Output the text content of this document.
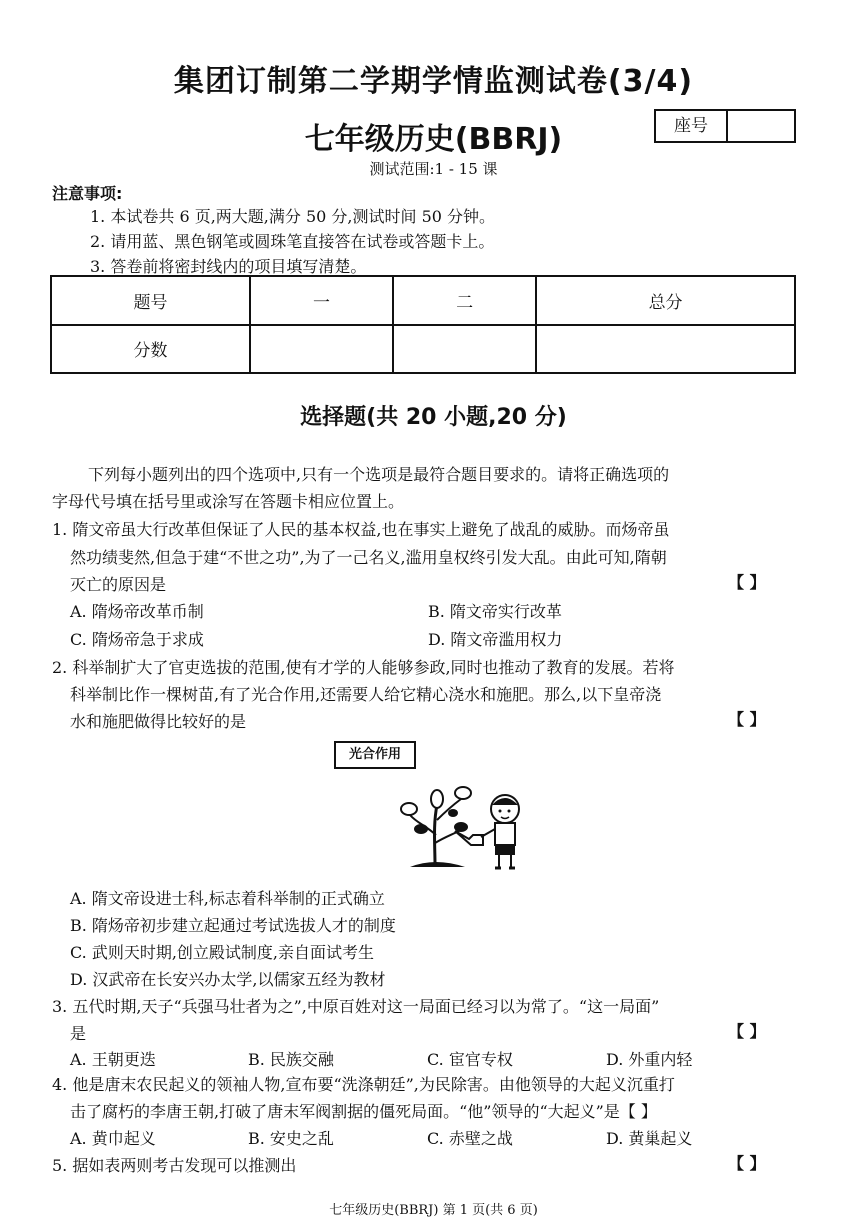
集团订制第二学期学情监测试卷(3/4)
七年级历史(BBRJ)	座号
测试范围:1 - 15 课
注意事项:
1. 本试卷共 6 页,两大题,满分 50 分,测试时间 50 分钟。
2. 请用蓝、黑色钢笔或圆珠笔直接答在试卷或答题卡上。
3. 答卷前将密封线内的项目填写清楚。
题号	一	二	总分
分数			
选择题(共 20 小题,20 分)
下列每小题列出的四个选项中,只有一个选项是最符合题目要求的。请将正确选项的
字母代号填在括号里或涂写在答题卡相应位置上。
1. 隋文帝虽大行改革但保证了人民的基本权益,也在事实上避免了战乱的威胁。而炀帝虽
然功绩斐然,但急于建“不世之功”,为了一己名义,滥用皇权终引发大乱。由此可知,隋朝
灭亡的原因是	【 】
A. 隋炀帝改革币制	B. 隋文帝实行改革
C. 隋炀帝急于求成	D. 隋文帝滥用权力
2. 科举制扩大了官吏选拔的范围,使有才学的人能够参政,同时也推动了教育的发展。若将
科举制比作一棵树苗,有了光合作用,还需要人给它精心浇水和施肥。那么,以下皇帝浇
水和施肥做得比较好的是	【 】
光合作用
A. 隋文帝设进士科,标志着科举制的正式确立
B. 隋炀帝初步建立起通过考试选拔人才的制度
C. 武则天时期,创立殿试制度,亲自面试考生
D. 汉武帝在长安兴办太学,以儒家五经为教材
3. 五代时期,天子“兵强马壮者为之”,中原百姓对这一局面已经习以为常了。“这一局面”
是	【 】
A. 王朝更迭	B. 民族交融	C. 宦官专权	D. 外重内轻
4. 他是唐末农民起义的领袖人物,宣布要“洗涤朝廷”,为民除害。由他领导的大起义沉重打
击了腐朽的李唐王朝,打破了唐末军阀割据的僵死局面。“他”领导的“大起义”是【 】
A. 黄巾起义	B. 安史之乱	C. 赤壁之战	D. 黄巢起义
5. 据如表两则考古发现可以推测出	【 】
七年级历史(BBRJ) 第 1 页(共 6 页)
